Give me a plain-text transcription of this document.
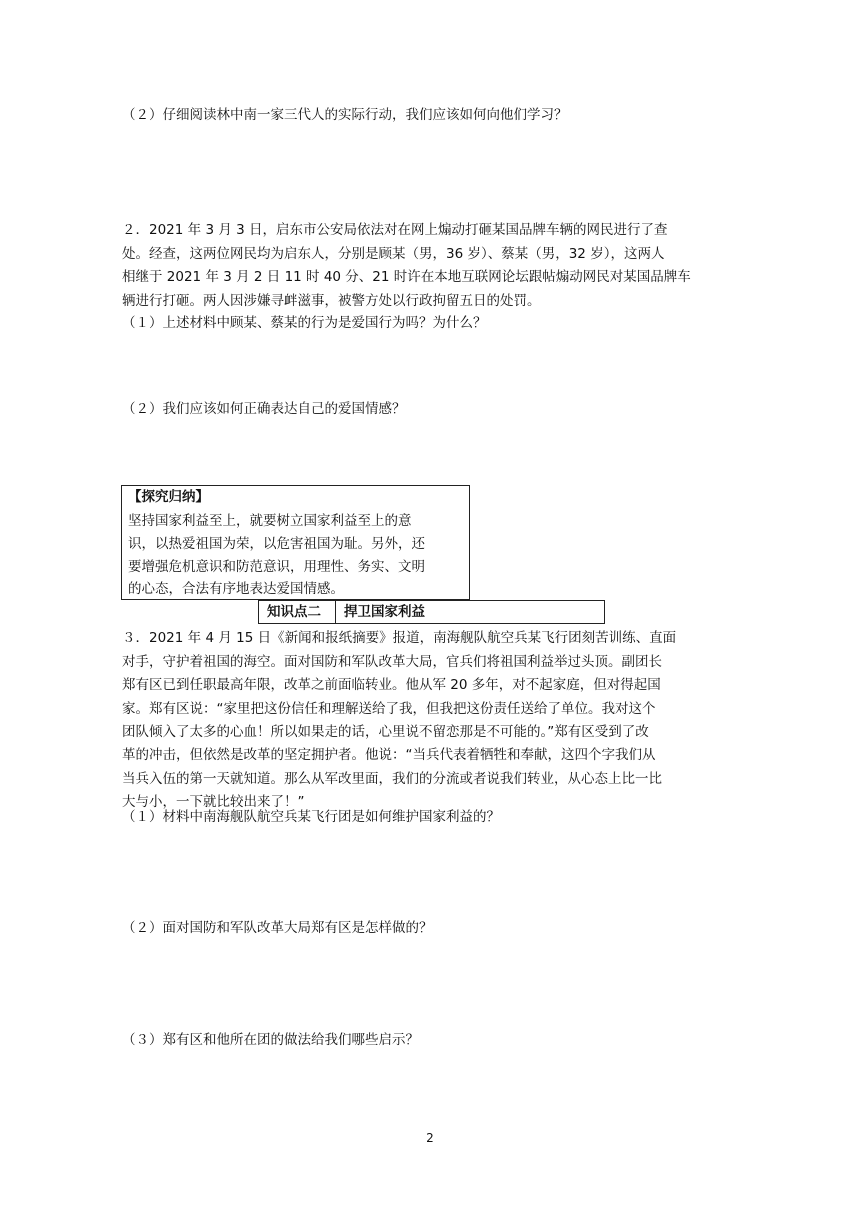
（２）仔细阅读林中南一家三代人的实际行动，我们应该如何向他们学习？
２．2021 年 3 月 3 日，启东市公安局依法对在网上煽动打砸某国品牌车辆的网民进行了查
处。经查，这两位网民均为启东人，分别是顾某（男，36 岁）、蔡某（男，32 岁），这两人
相继于 2021 年 3 月 2 日 11 时 40 分、21 时许在本地互联网论坛跟帖煽动网民对某国品牌车
辆进行打砸。两人因涉嫌寻衅滋事，被警方处以行政拘留五日的处罚。
（１）上述材料中顾某、蔡某的行为是爱国行为吗？为什么？
（２）我们应该如何正确表达自己的爱国情感？
【探究归纳】
坚持国家利益至上，就要树立国家利益至上的意
识，以热爱祖国为荣，以危害祖国为耻。另外，还
要增强危机意识和防范意识，用理性、务实、文明
的心态，合法有序地表达爱国情感。
知识点二	捍卫国家利益
３．2021 年 4 月 15 日《新闻和报纸摘要》报道，南海舰队航空兵某飞行团刻苦训练、直面
对手，守护着祖国的海空。面对国防和军队改革大局，官兵们将祖国利益举过头顶。副团长
郑有区已到任职最高年限，改革之前面临转业。他从军 20 多年，对不起家庭，但对得起国
家。郑有区说：“家里把这份信任和理解送给了我，但我把这份责任送给了单位。我对这个
团队倾入了太多的心血！所以如果走的话，心里说不留恋那是不可能的。”郑有区受到了改
革的冲击，但依然是改革的坚定拥护者。他说：“当兵代表着牺牲和奉献，这四个字我们从
当兵入伍的第一天就知道。那么从军改里面，我们的分流或者说我们转业，从心态上比一比
大与小，一下就比较出来了！”
（１）材料中南海舰队航空兵某飞行团是如何维护国家利益的？
（２）面对国防和军队改革大局郑有区是怎样做的？
（３）郑有区和他所在团的做法给我们哪些启示？
2
